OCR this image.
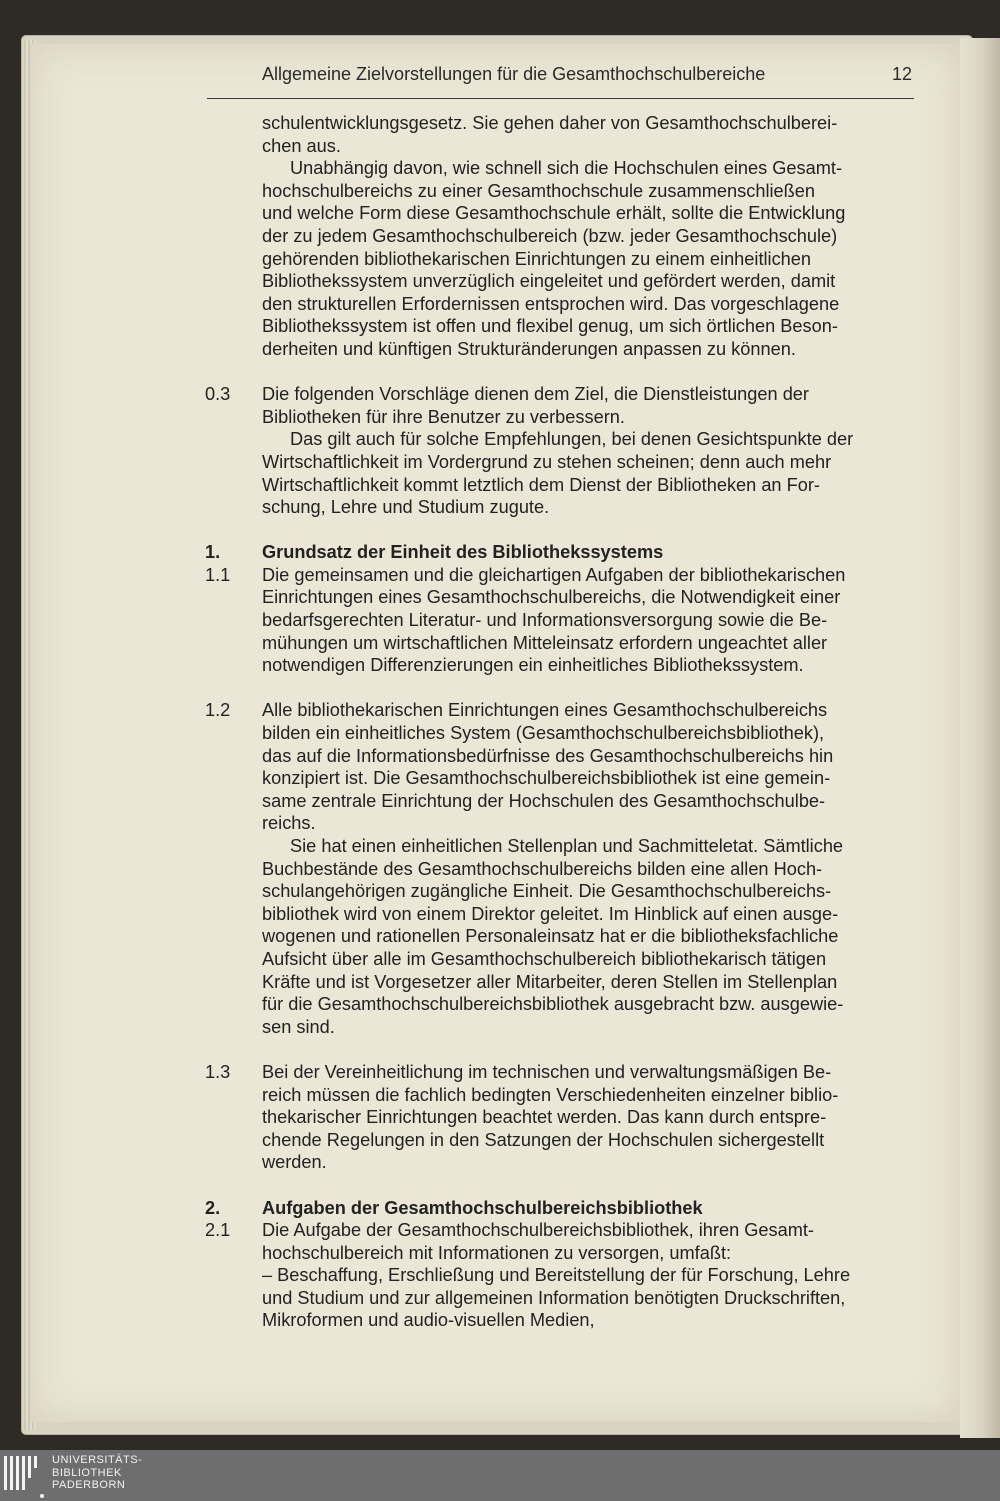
Allgemeine Zielvorstellungen für die Gesamthochschulbereiche	12
schulentwicklungsgesetz. Sie gehen daher von Gesamthochschulberei-
chen aus.
Unabhängig davon, wie schnell sich die Hochschulen eines Gesamt-
hochschulbereichs zu einer Gesamthochschule zusammenschließen
und welche Form diese Gesamthochschule erhält, sollte die Entwicklung
der zu jedem Gesamthochschulbereich (bzw. jeder Gesamthochschule)
gehörenden bibliothekarischen Einrichtungen zu einem einheitlichen
Bibliothekssystem unverzüglich eingeleitet und gefördert werden, damit
den strukturellen Erfordernissen entsprochen wird. Das vorgeschlagene
Bibliothekssystem ist offen und flexibel genug, um sich örtlichen Beson-
derheiten und künftigen Strukturänderungen anpassen zu können.
0.3	Die folgenden Vorschläge dienen dem Ziel, die Dienstleistungen der
Bibliotheken für ihre Benutzer zu verbessern.
Das gilt auch für solche Empfehlungen, bei denen Gesichtspunkte der
Wirtschaftlichkeit im Vordergrund zu stehen scheinen; denn auch mehr
Wirtschaftlichkeit kommt letztlich dem Dienst der Bibliotheken an For-
schung, Lehre und Studium zugute.
1.	Grundsatz der Einheit des Bibliothekssystems
1.1	Die gemeinsamen und die gleichartigen Aufgaben der bibliothekarischen
Einrichtungen eines Gesamthochschulbereichs, die Notwendigkeit einer
bedarfsgerechten Literatur- und Informationsversorgung sowie die Be-
mühungen um wirtschaftlichen Mitteleinsatz erfordern ungeachtet aller
notwendigen Differenzierungen ein einheitliches Bibliothekssystem.
1.2	Alle bibliothekarischen Einrichtungen eines Gesamthochschulbereichs
bilden ein einheitliches System (Gesamthochschulbereichsbibliothek),
das auf die Informationsbedürfnisse des Gesamthochschulbereichs hin
konzipiert ist. Die Gesamthochschulbereichsbibliothek ist eine gemein-
same zentrale Einrichtung der Hochschulen des Gesamthochschulbe-
reichs.
Sie hat einen einheitlichen Stellenplan und Sachmitteletat. Sämtliche
Buchbestände des Gesamthochschulbereichs bilden eine allen Hoch-
schulangehörigen zugängliche Einheit. Die Gesamthochschulbereichs-
bibliothek wird von einem Direktor geleitet. Im Hinblick auf einen ausge-
wogenen und rationellen Personaleinsatz hat er die bibliotheksfachliche
Aufsicht über alle im Gesamthochschulbereich bibliothekarisch tätigen
Kräfte und ist Vorgesetzer aller Mitarbeiter, deren Stellen im Stellenplan
für die Gesamthochschulbereichsbibliothek ausgebracht bzw. ausgewie-
sen sind.
1.3	Bei der Vereinheitlichung im technischen und verwaltungsmäßigen Be-
reich müssen die fachlich bedingten Verschiedenheiten einzelner biblio-
thekarischer Einrichtungen beachtet werden. Das kann durch entspre-
chende Regelungen in den Satzungen der Hochschulen sichergestellt
werden.
2.	Aufgaben der Gesamthochschulbereichsbibliothek
2.1	Die Aufgabe der Gesamthochschulbereichsbibliothek, ihren Gesamt-
hochschulbereich mit Informationen zu versorgen, umfaßt:
– Beschaffung, Erschließung und Bereitstellung der für Forschung, Lehre
und Studium und zur allgemeinen Information benötigten Druckschriften,
Mikroformen und audio-visuellen Medien,
UNIVERSITÄTS-
BIBLIOTHEK
PADERBORN
